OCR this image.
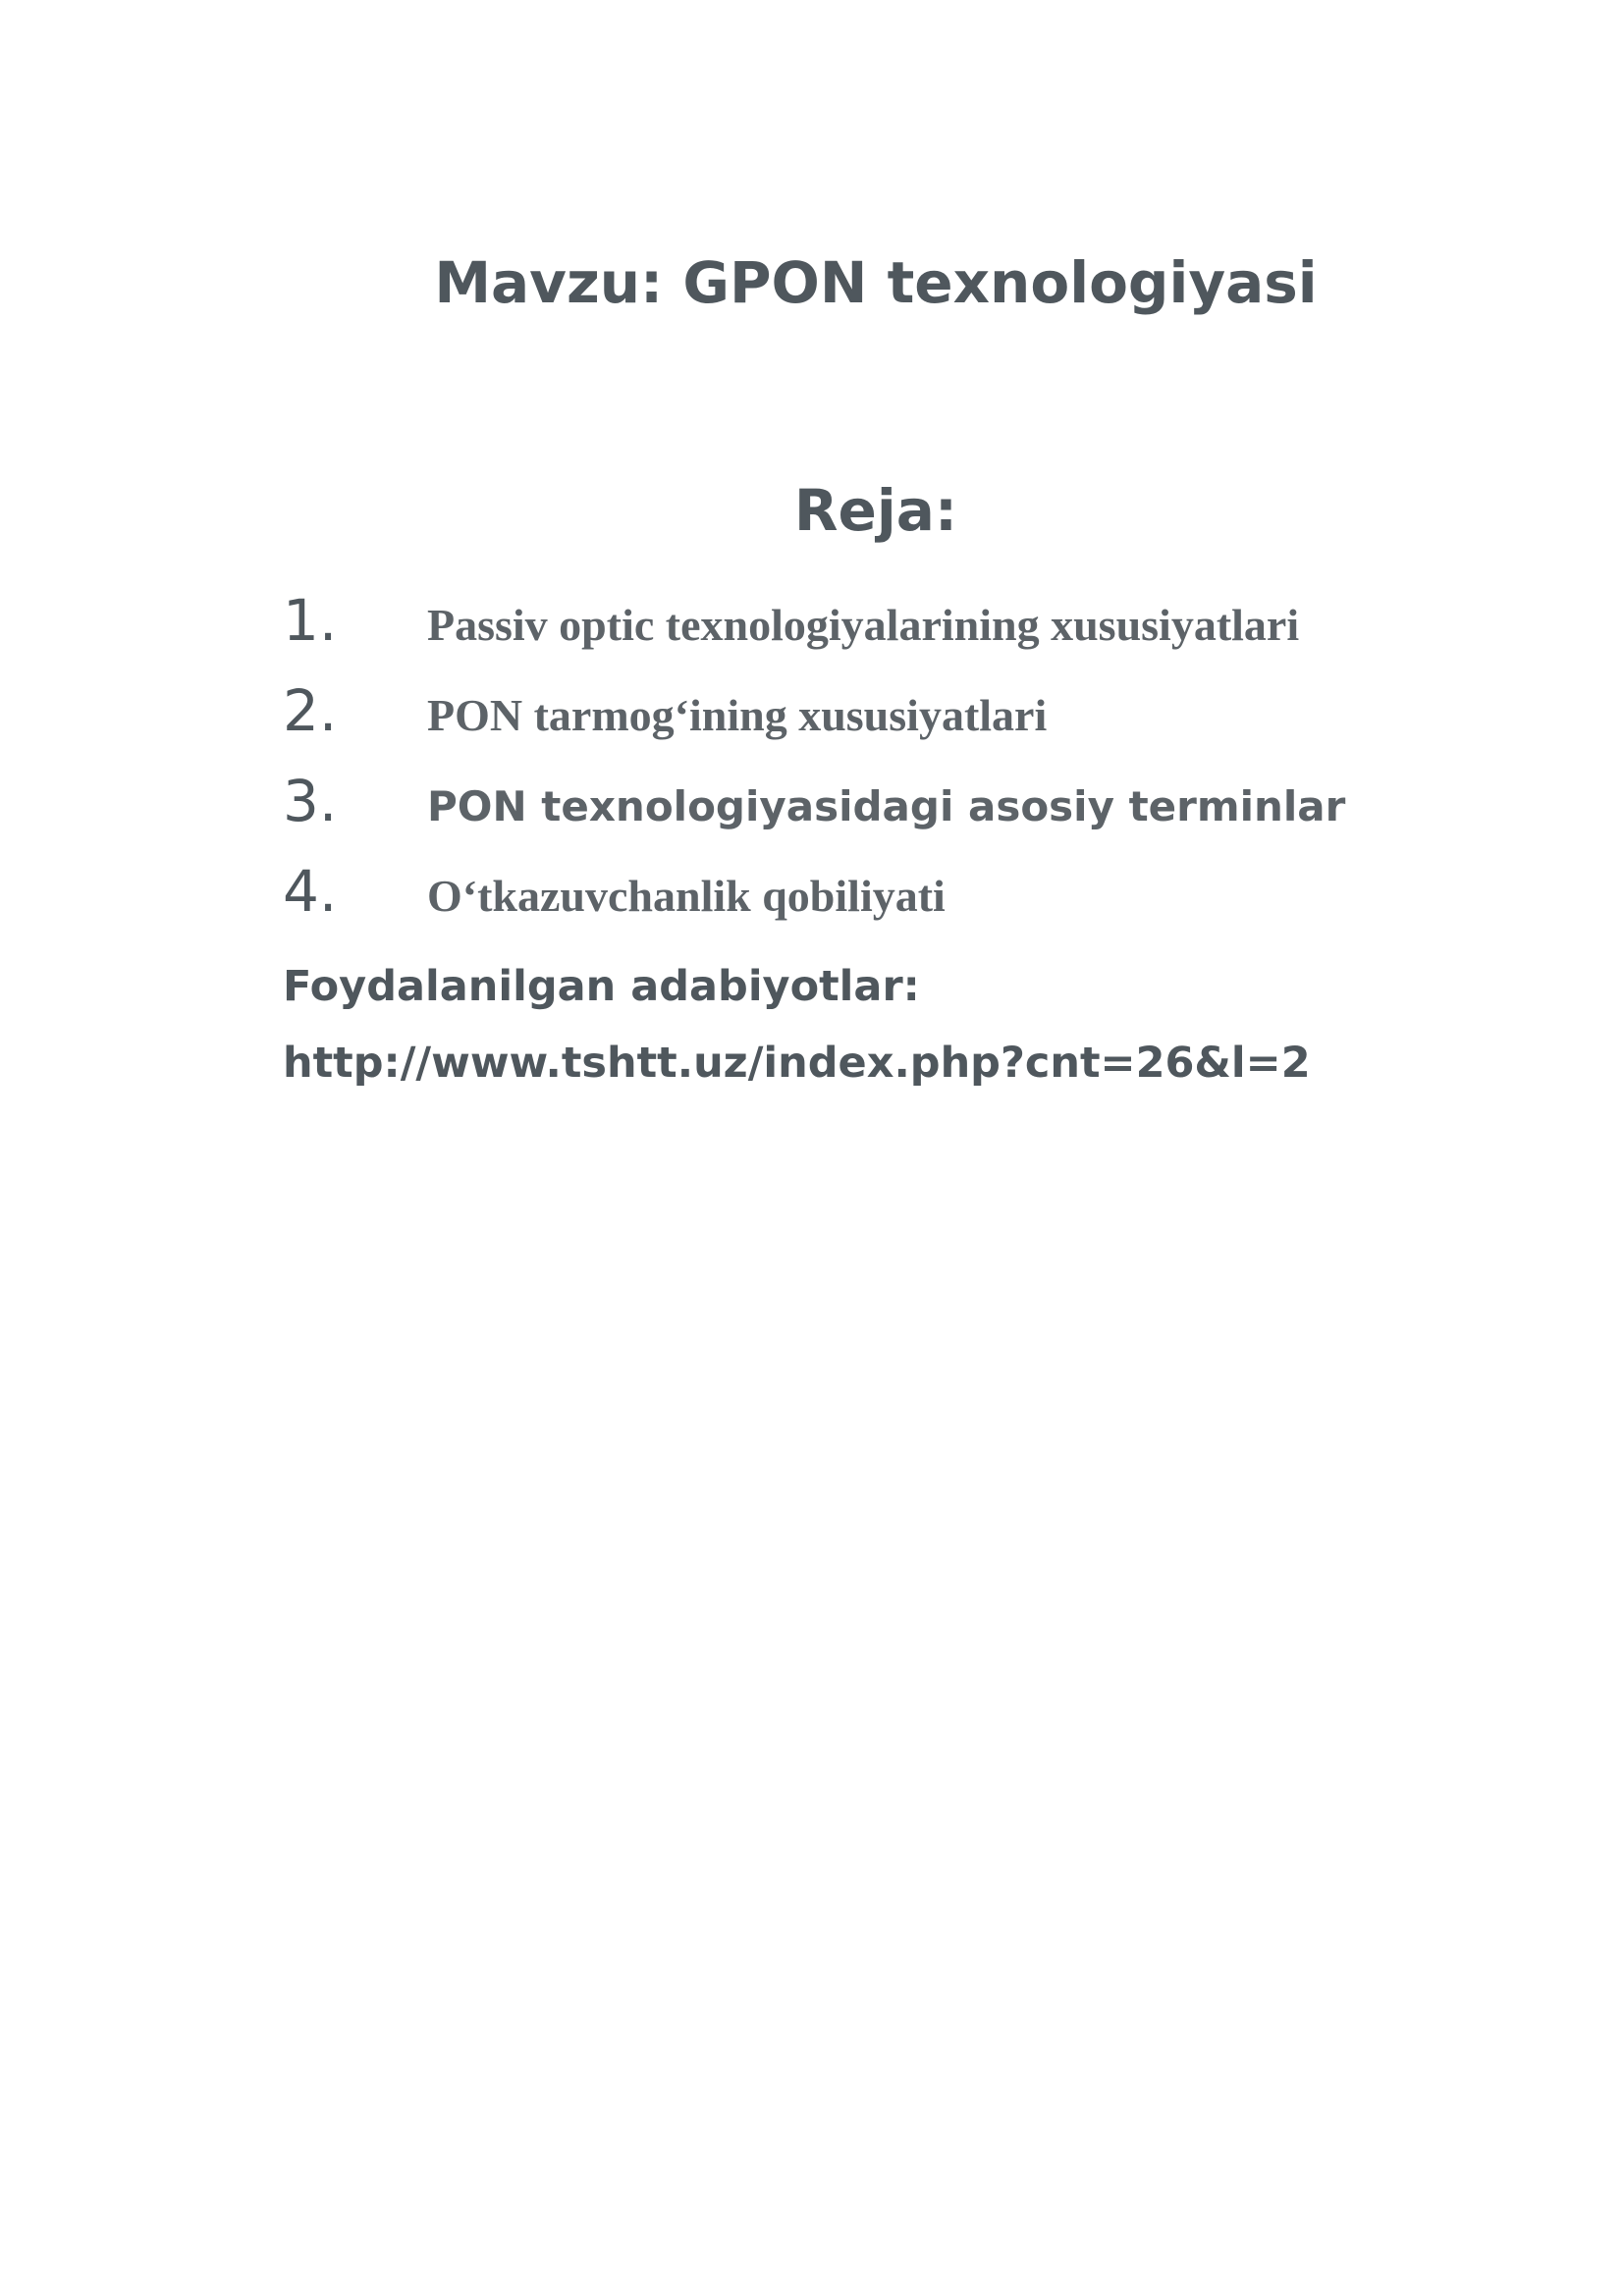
Mavzu: GPON texnologiyasi
Reja:
1.	Passiv optic texnologiyalarining xususiyatlari
2.	PON tarmog‘ining xususiyatlari
3.	PON texnologiyasidagi asosiy terminlar
4.	O‘tkazuvchanlik qobiliyati

Foydalanilgan adabiyotlar:

http://www.tshtt.uz/index.php?cnt=26&l=2
